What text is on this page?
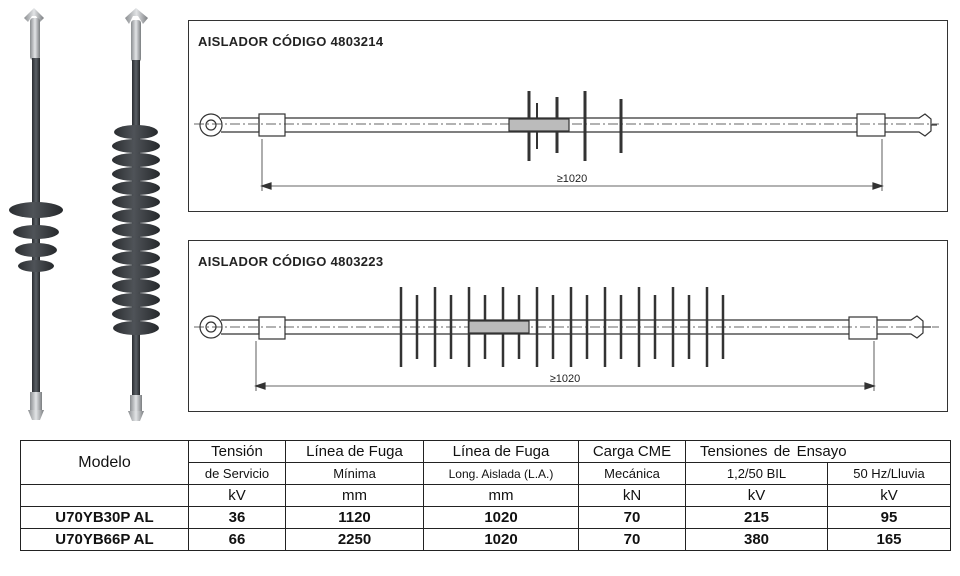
≥1020
AISLADOR CÓDIGO 4803214
≥1020
AISLADOR CÓDIGO 4803223
Modelo	Tensión	Línea de Fuga	Línea de Fuga	Carga CME	Tensiones de Ensayo	
	de Servicio	Mínima	Long. Aislada (L.A.)	Mecánica	1,2/50 BIL	50 Hz/Lluvia
	kV	mm	mm	kN	kV	kV
U70YB30P AL	36	1120	1020	70	215	95
U70YB66P AL	66	2250	1020	70	380	165
